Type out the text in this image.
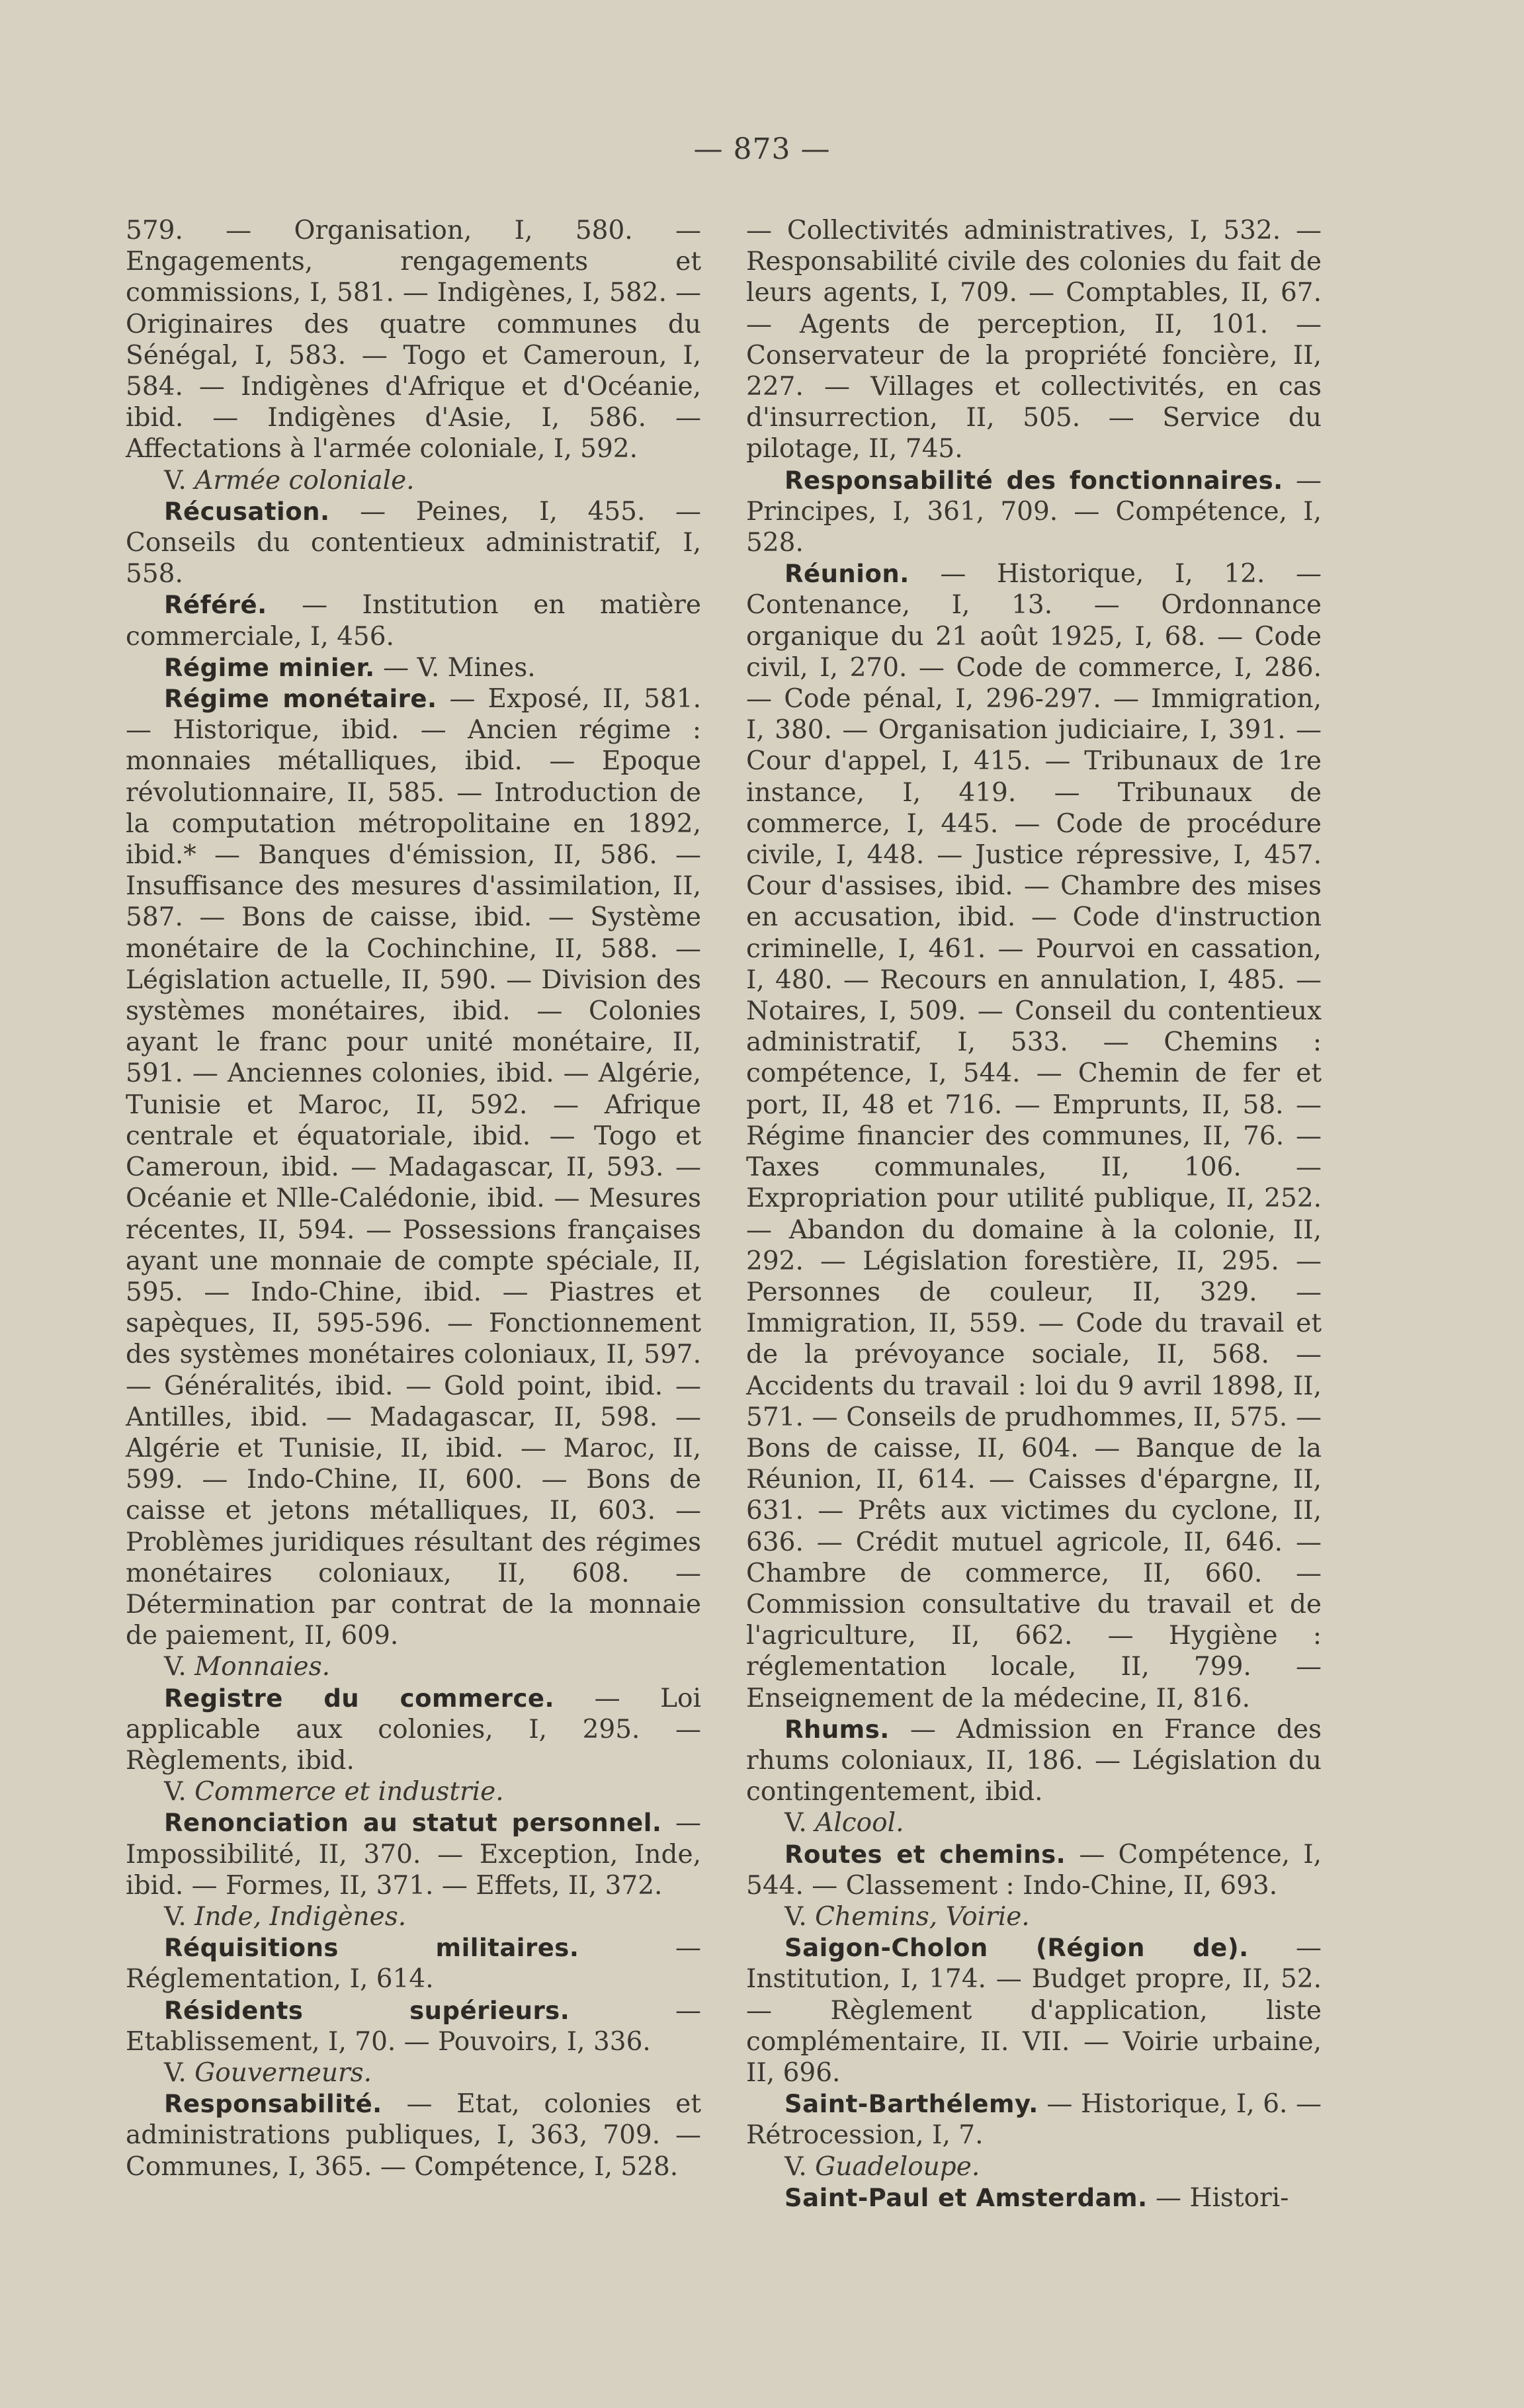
— 873 —

579. — Organisation, I, 580. — Engagements, rengagements et commissions, I, 581. — Indigènes, I, 582. — Originaires des quatre communes du Sénégal, I, 583. — Togo et Cameroun, I, 584. — Indigènes d'Afrique et d'Océanie, ibid. — Indigènes d'Asie, I, 586. — Affectations à l'armée coloniale, I, 592.

V. Armée coloniale.

Récusation. — Peines, I, 455. — Conseils du contentieux administratif, I, 558.

Référé. — Institution en matière commerciale, I, 456.

Régime minier. — V. Mines.

Régime monétaire. — Exposé, II, 581. — Historique, ibid. — Ancien régime : monnaies métalliques, ibid. — Epoque révolutionnaire, II, 585. — Introduction de la computation métropolitaine en 1892, ibid.* — Banques d'émission, II, 586. — Insuffisance des mesures d'assimilation, II, 587. — Bons de caisse, ibid. — Système monétaire de la Cochinchine, II, 588. — Législation actuelle, II, 590. — Division des systèmes monétaires, ibid. — Colonies ayant le franc pour unité monétaire, II, 591. — Anciennes colonies, ibid. — Algérie, Tunisie et Maroc, II, 592. — Afrique centrale et équatoriale, ibid. — Togo et Cameroun, ibid. — Madagascar, II, 593. — Océanie et Nlle-Calédonie, ibid. — Mesures récentes, II, 594. — Possessions françaises ayant une monnaie de compte spéciale, II, 595. — Indo-Chine, ibid. — Piastres et sapèques, II, 595-596. — Fonctionnement des systèmes monétaires coloniaux, II, 597. — Généralités, ibid. — Gold point, ibid. — Antilles, ibid. — Madagascar, II, 598. — Algérie et Tunisie, II, ibid. — Maroc, II, 599. — Indo-Chine, II, 600. — Bons de caisse et jetons métalliques, II, 603. — Problèmes juridiques résultant des régimes monétaires coloniaux, II, 608. — Détermination par contrat de la monnaie de paiement, II, 609.

V. Monnaies.

Registre du commerce. — Loi applicable aux colonies, I, 295. — Règlements, ibid.

V. Commerce et industrie.

Renonciation au statut personnel. — Impossibilité, II, 370. — Exception, Inde, ibid. — Formes, II, 371. — Effets, II, 372.

V. Inde, Indigènes.

Réquisitions militaires. — Réglementation, I, 614.

Résidents supérieurs. — Etablissement, I, 70. — Pouvoirs, I, 336.

V. Gouverneurs.

Responsabilité. — Etat, colonies et administrations publiques, I, 363, 709. — Communes, I, 365. — Compétence, I, 528.

— Collectivités administratives, I, 532. — Responsabilité civile des colonies du fait de leurs agents, I, 709. — Comptables, II, 67. — Agents de perception, II, 101. — Conservateur de la propriété foncière, II, 227. — Villages et collectivités, en cas d'insurrection, II, 505. — Service du pilotage, II, 745.

Responsabilité des fonctionnaires. — Principes, I, 361, 709. — Compétence, I, 528.

Réunion. — Historique, I, 12. — Contenance, I, 13. — Ordonnance organique du 21 août 1925, I, 68. — Code civil, I, 270. — Code de commerce, I, 286. — Code pénal, I, 296-297. — Immigration, I, 380. — Organisation judiciaire, I, 391. — Cour d'appel, I, 415. — Tribunaux de 1re instance, I, 419. — Tribunaux de commerce, I, 445. — Code de procédure civile, I, 448. — Justice répressive, I, 457. Cour d'assises, ibid. — Chambre des mises en accusation, ibid. — Code d'instruction criminelle, I, 461. — Pourvoi en cassation, I, 480. — Recours en annulation, I, 485. — Notaires, I, 509. — Conseil du contentieux administratif, I, 533. — Chemins : compétence, I, 544. — Chemin de fer et port, II, 48 et 716. — Emprunts, II, 58. — Régime financier des communes, II, 76. — Taxes communales, II, 106. — Expropriation pour utilité publique, II, 252. — Abandon du domaine à la colonie, II, 292. — Législation forestière, II, 295. — Personnes de couleur, II, 329. — Immigration, II, 559. — Code du travail et de la prévoyance sociale, II, 568. — Accidents du travail : loi du 9 avril 1898, II, 571. — Conseils de prudhommes, II, 575. — Bons de caisse, II, 604. — Banque de la Réunion, II, 614. — Caisses d'épargne, II, 631. — Prêts aux victimes du cyclone, II, 636. — Crédit mutuel agricole, II, 646. — Chambre de commerce, II, 660. — Commission consultative du travail et de l'agriculture, II, 662. — Hygiène : réglementation locale, II, 799. — Enseignement de la médecine, II, 816.

Rhums. — Admission en France des rhums coloniaux, II, 186. — Législation du contingentement, ibid.

V. Alcool.

Routes et chemins. — Compétence, I, 544. — Classement : Indo-Chine, II, 693.

V. Chemins, Voirie.

Saigon-Cholon (Région de). — Institution, I, 174. — Budget propre, II, 52. — Règlement d'application, liste complémentaire, II. VII. — Voirie urbaine, II, 696.

Saint-Barthélemy. — Historique, I, 6. — Rétrocession, I, 7.

V. Guadeloupe.

Saint-Paul et Amsterdam. — Histori-
